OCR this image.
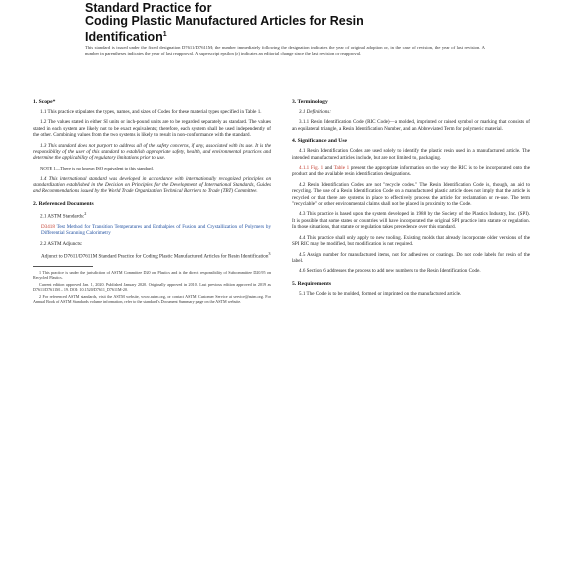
Standard Practice for
Coding Plastic Manufactured Articles for Resin
Identification$^1$
This standard is issued under the fixed designation D7611/D7611M; the number immediately following the designation indicates the year of original adoption or, in the case of revision, the year of last revision. A number in parentheses indicates the year of last reapproval. A superscript epsilon (ε) indicates an editorial change since the last revision or reapproval.
1. Scope*

1.1 This practice stipulates the types, names, and sizes of Codes for these material types specified in Table 1.

1.2 The values stated in either SI units or inch-pound units are to be regarded separately as standard. The values stated in each system are likely not to be exact equivalents; therefore, each system shall be used independently of the other. Combining values from the two systems is likely to result in non-conformance with the standard.

1.3 This standard does not purport to address all of the safety concerns, if any, associated with its use. It is the responsibility of the user of this standard to establish appropriate safety, health, and environmental practices and determine the applicability of regulatory limitations prior to use.

NOTE 1—There is no known ISO equivalent to this standard.

1.4 This international standard was developed in accordance with internationally recognized principles on standardization established in the Decision on Principles for the Development of International Standards, Guides and Recommendations issued by the World Trade Organization Technical Barriers to Trade (TBT) Committee.

2. Referenced Documents

2.1 ASTM Standards:$^2$

D3418 Test Method for Transition Temperatures and Enthalpies of Fusion and Crystallization of Polymers by Differential Scanning Calorimetry

2.2 ASTM Adjuncts:

Adjunct to D7611/D7611M Standard Practice for Coding Plastic Manufactured Articles for Resin Identification$^3$

1 This practice is under the jurisdiction of ASTM Committee D20 on Plastics and is the direct responsibility of Subcommittee D20.95 on Recycled Plastics.

Current edition approved Jan. 1, 2020. Published January 2020. Originally approved in 2010. Last previous edition approved in 2019 as D7611/D7611M – 19. DOI: 10.1520/D7611_D7611M-20.

2 For referenced ASTM standards, visit the ASTM website, www.astm.org, or contact ASTM Customer Service at service@astm.org. For Annual Book of ASTM Standards volume information, refer to the standard's Document Summary page on the ASTM website.

3. Terminology

3.1 Definitions:

3.1.1 Resin Identification Code (RIC Code)—a molded, imprinted or raised symbol or marking that consists of an equilateral triangle, a Resin Identification Number, and an Abbreviated Term for polymeric material.

4. Significance and Use

4.1 Resin Identification Codes are used solely to identify the plastic resin used in a manufactured article. The intended manufactured articles include, but are not limited to, packaging.

4.1.1 Fig. 1 and Table 1 present the appropriate information on the way the RIC is to be incorporated onto the product and the available resin identification designations.

4.2 Resin Identification Codes are not "recycle codes." The Resin Identification Code is, though, an aid to recycling. The use of a Resin Identification Code on a manufactured plastic article does not imply that the article is recycled or that there are systems in place to effectively process the article for reclamation or re-use. The term "recyclable" or other environmental claims shall not be placed in proximity to the Code.

4.3 This practice is based upon the system developed in 1988 by the Society of the Plastics Industry, Inc. (SPI). It is possible that some states or countries will have incorporated the original SPI practice into statute or regulation. In those situations, that statute or regulation takes precedence over this standard.

4.4 This practice shall only apply to new tooling. Existing molds that already incorporate older versions of the SPI RIC may be modified, but modification is not required.

4.5 Assign number for manufactured items, not for adhesives or coatings. Do not code labels for resin of the label.

4.6 Section 6 addresses the process to add new numbers to the Resin Identification Code.

5. Requirements

5.1 The Code is to be molded, formed or imprinted on the manufactured article.
